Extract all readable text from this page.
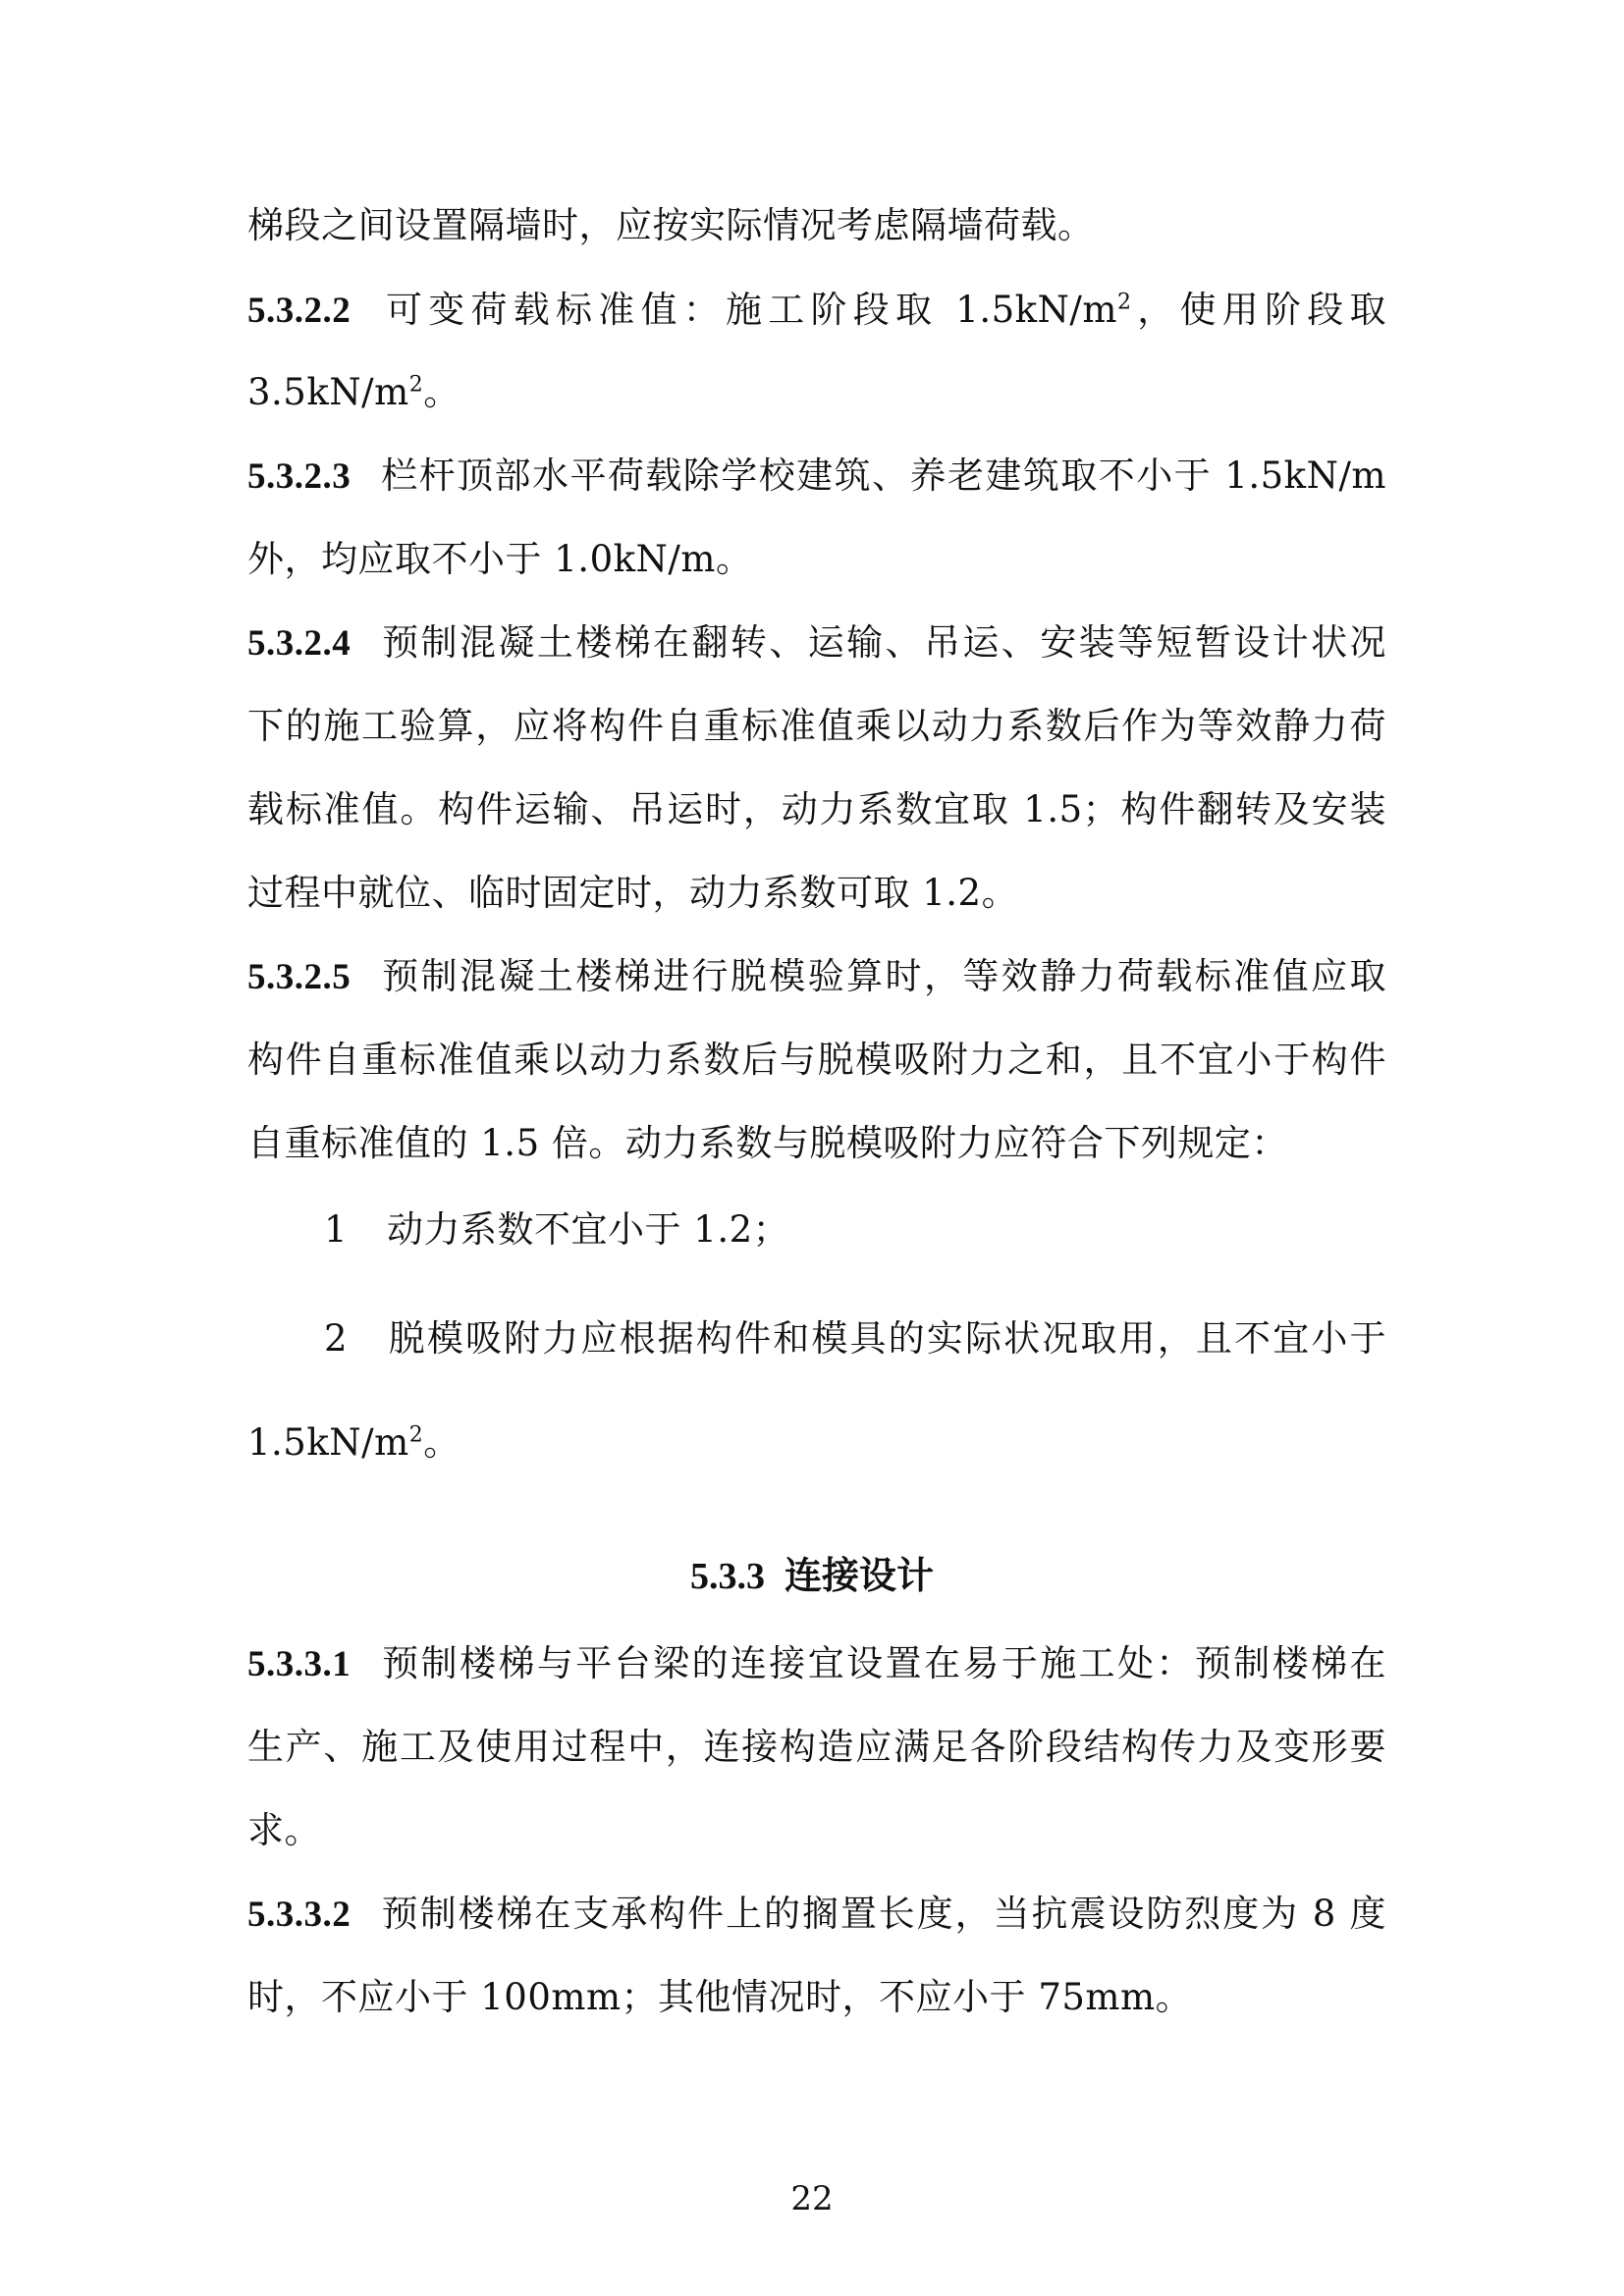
梯段之间设置隔墙时，应按实际情况考虑隔墙荷载。
5.3.2.2 可变荷载标准值：施工阶段取 $1.5kN/m^2$，使用阶段取
$3.5kN/m^2$。
5.3.2.3 栏杆顶部水平荷载除学校建筑、养老建筑取不小于 1.5kN/m
外，均应取不小于 1.0kN/m。
5.3.2.4 预制混凝土楼梯在翻转、运输、吊运、安装等短暂设计状况
下的施工验算，应将构件自重标准值乘以动力系数后作为等效静力荷
载标准值。构件运输、吊运时，动力系数宜取 1.5；构件翻转及安装
过程中就位、临时固定时，动力系数可取 1.2。
5.3.2.5 预制混凝土楼梯进行脱模验算时，等效静力荷载标准值应取
构件自重标准值乘以动力系数后与脱模吸附力之和，且不宜小于构件
自重标准值的 1.5 倍。动力系数与脱模吸附力应符合下列规定：
1 动力系数不宜小于 1.2；
2 脱模吸附力应根据构件和模具的实际状况取用，且不宜小于
$1.5kN/m^2$。
5.3.3 连接设计
5.3.3.1 预制楼梯与平台梁的连接宜设置在易于施工处：预制楼梯在
生产、施工及使用过程中，连接构造应满足各阶段结构传力及变形要
求。
5.3.3.2 预制楼梯在支承构件上的搁置长度，当抗震设防烈度为 8 度
时，不应小于 100mm；其他情况时，不应小于 75mm。
22
